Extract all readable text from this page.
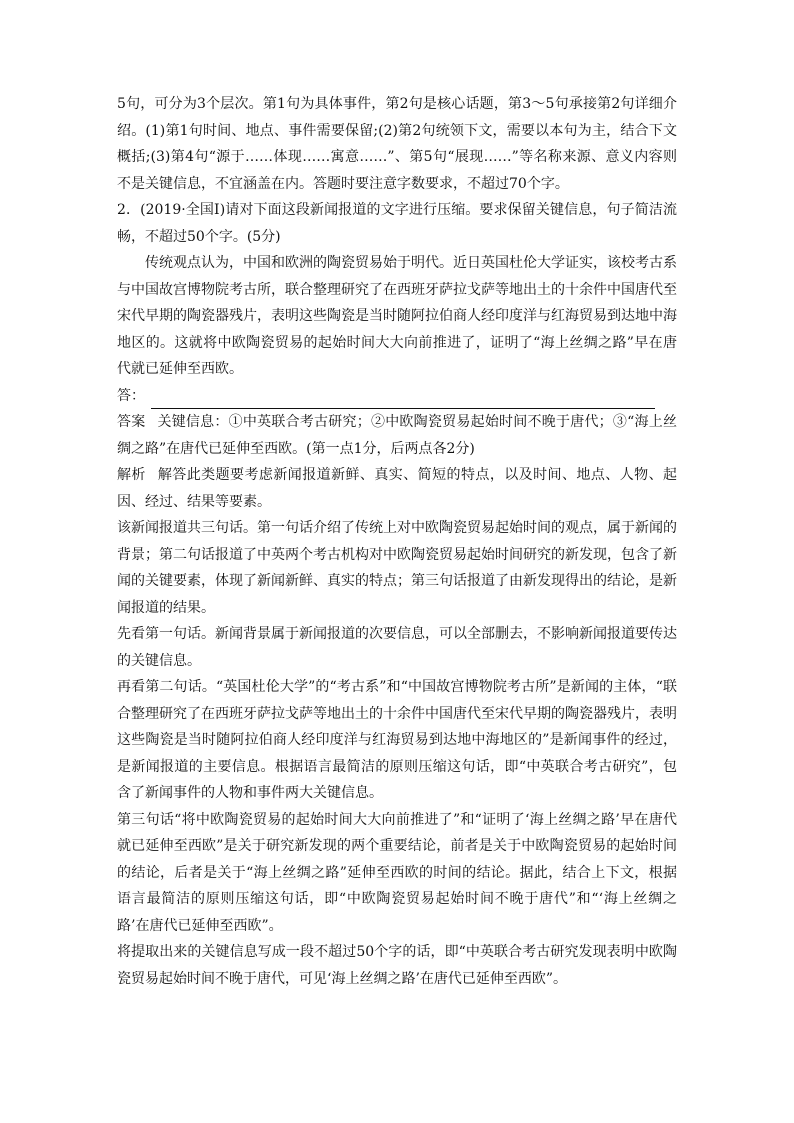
5句，可分为3个层次。第1句为具体事件，第2句是核心话题，第3～5句承接第2句详细介绍。(1)第1句时间、地点、事件需要保留;(2)第2句统领下文，需要以本句为主，结合下文概括;(3)第4句“源于……体现……寓意……”、第5句“展现……”等名称来源、意义内容则不是关键信息，不宜涵盖在内。答题时要注意字数要求，不超过70个字。

2．(2019·全国Ⅰ)请对下面这段新闻报道的文字进行压缩。要求保留关键信息，句子简洁流畅，不超过50个字。(5分)

传统观点认为，中国和欧洲的陶瓷贸易始于明代。近日英国杜伦大学证实，该校考古系与中国故宫博物院考古所，联合整理研究了在西班牙萨拉戈萨等地出土的十余件中国唐代至宋代早期的陶瓷器残片，表明这些陶瓷是当时随阿拉伯商人经印度洋与红海贸易到达地中海地区的。这就将中欧陶瓷贸易的起始时间大大向前推进了，证明了“海上丝绸之路”早在唐代就已延伸至西欧。

答：

答案 关键信息：①中英联合考古研究；②中欧陶瓷贸易起始时间不晚于唐代；③“海上丝绸之路”在唐代已延伸至西欧。(第一点1分，后两点各2分)

解析 解答此类题要考虑新闻报道新鲜、真实、简短的特点，以及时间、地点、人物、起因、经过、结果等要素。

该新闻报道共三句话。第一句话介绍了传统上对中欧陶瓷贸易起始时间的观点，属于新闻的背景；第二句话报道了中英两个考古机构对中欧陶瓷贸易起始时间研究的新发现，包含了新闻的关键要素，体现了新闻新鲜、真实的特点；第三句话报道了由新发现得出的结论，是新闻报道的结果。

先看第一句话。新闻背景属于新闻报道的次要信息，可以全部删去，不影响新闻报道要传达的关键信息。

再看第二句话。“英国杜伦大学”的“考古系”和“中国故宫博物院考古所”是新闻的主体，“联合整理研究了在西班牙萨拉戈萨等地出土的十余件中国唐代至宋代早期的陶瓷器残片，表明这些陶瓷是当时随阿拉伯商人经印度洋与红海贸易到达地中海地区的”是新闻事件的经过，是新闻报道的主要信息。根据语言最简洁的原则压缩这句话，即“中英联合考古研究”，包含了新闻事件的人物和事件两大关键信息。

第三句话“将中欧陶瓷贸易的起始时间大大向前推进了”和“证明了‘海上丝绸之路’早在唐代就已延伸至西欧”是关于研究新发现的两个重要结论，前者是关于中欧陶瓷贸易的起始时间的结论，后者是关于“海上丝绸之路”延伸至西欧的时间的结论。据此，结合上下文，根据语言最简洁的原则压缩这句话，即“中欧陶瓷贸易起始时间不晚于唐代”和“‘海上丝绸之路’在唐代已延伸至西欧”。

将提取出来的关键信息写成一段不超过50个字的话，即“中英联合考古研究发现表明中欧陶瓷贸易起始时间不晚于唐代，可见‘海上丝绸之路’在唐代已延伸至西欧”。
